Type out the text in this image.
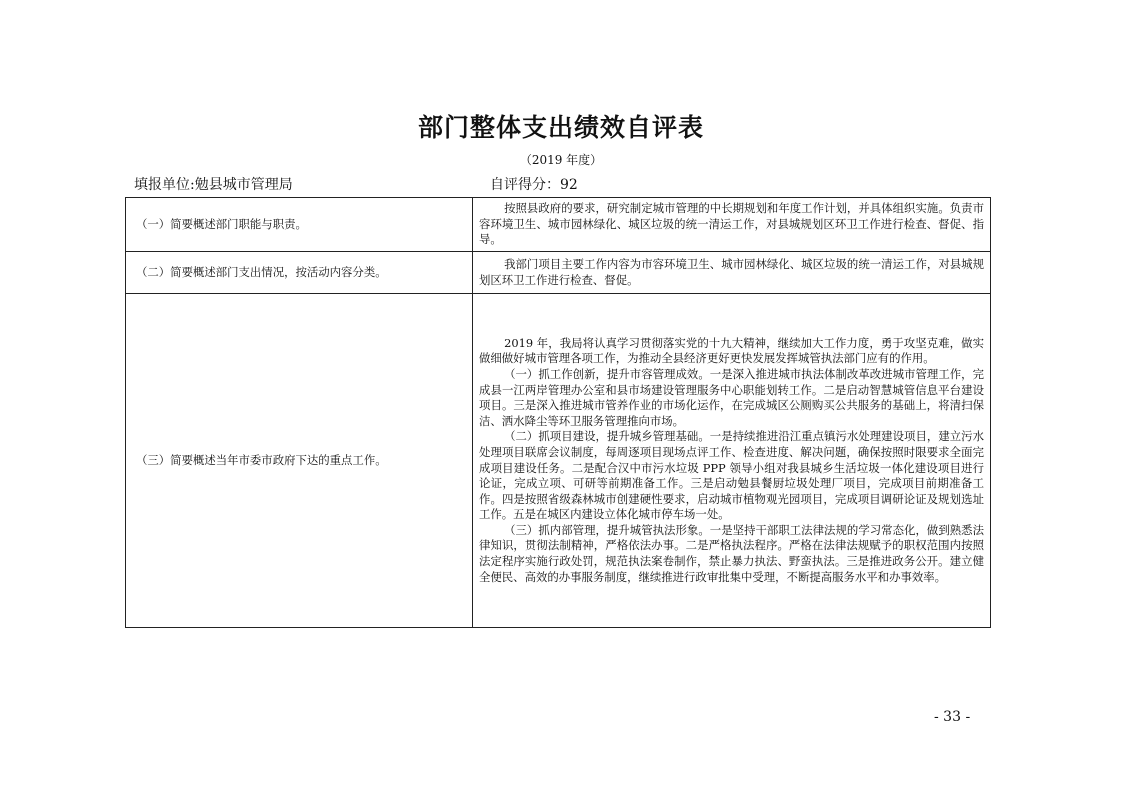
部门整体支出绩效自评表
（2019 年度）
填报单位:勉县城市管理局	自评得分：92
（一）简要概述部门职能与职责。	按照县政府的要求，研究制定城市管理的中长期规划和年度工作计划，并具体组织实施。负责市容环境卫生、城市园林绿化、城区垃圾的统一清运工作，对县城规划区环卫工作进行检查、督促、指导。

（二）简要概述部门支出情况，按活动内容分类。	我部门项目主要工作内容为市容环境卫生、城市园林绿化、城区垃圾的统一清运工作，对县城规划区环卫工作进行检查、督促。

（三）简要概述当年市委市政府下达的重点工作。	2019 年，我局将认真学习贯彻落实党的十九大精神，继续加大工作力度，勇于攻坚克难，做实做细做好城市管理各项工作，为推动全县经济更好更快发展发挥城管执法部门应有的作用。

（一）抓工作创新，提升市容管理成效。一是深入推进城市执法体制改革改进城市管理工作，完成县一江两岸管理办公室和县市场建设管理服务中心职能划转工作。二是启动智慧城管信息平台建设项目。三是深入推进城市管养作业的市场化运作，在完成城区公厕购买公共服务的基础上，将清扫保洁、洒水降尘等环卫服务管理推向市场。

（二）抓项目建设，提升城乡管理基础。一是持续推进沿江重点镇污水处理建设项目，建立污水处理项目联席会议制度，每周逐项目现场点评工作、检查进度、解决问题，确保按照时限要求全面完成项目建设任务。二是配合汉中市污水垃圾 PPP 领导小组对我县城乡生活垃圾一体化建设项目进行论证，完成立项、可研等前期准备工作。三是启动勉县餐厨垃圾处理厂项目，完成项目前期准备工作。四是按照省级森林城市创建硬性要求，启动城市植物观光园项目，完成项目调研论证及规划选址工作。五是在城区内建设立体化城市停车场一处。

（三）抓内部管理，提升城管执法形象。一是坚持干部职工法律法规的学习常态化，做到熟悉法律知识，贯彻法制精神，严格依法办事。二是严格执法程序。严格在法律法规赋予的职权范围内按照法定程序实施行政处罚，规范执法案卷制作，禁止暴力执法、野蛮执法。三是推进政务公开。建立健全便民、高效的办事服务制度，继续推进行政审批集中受理，不断提高服务水平和办事效率。

- 33 -
